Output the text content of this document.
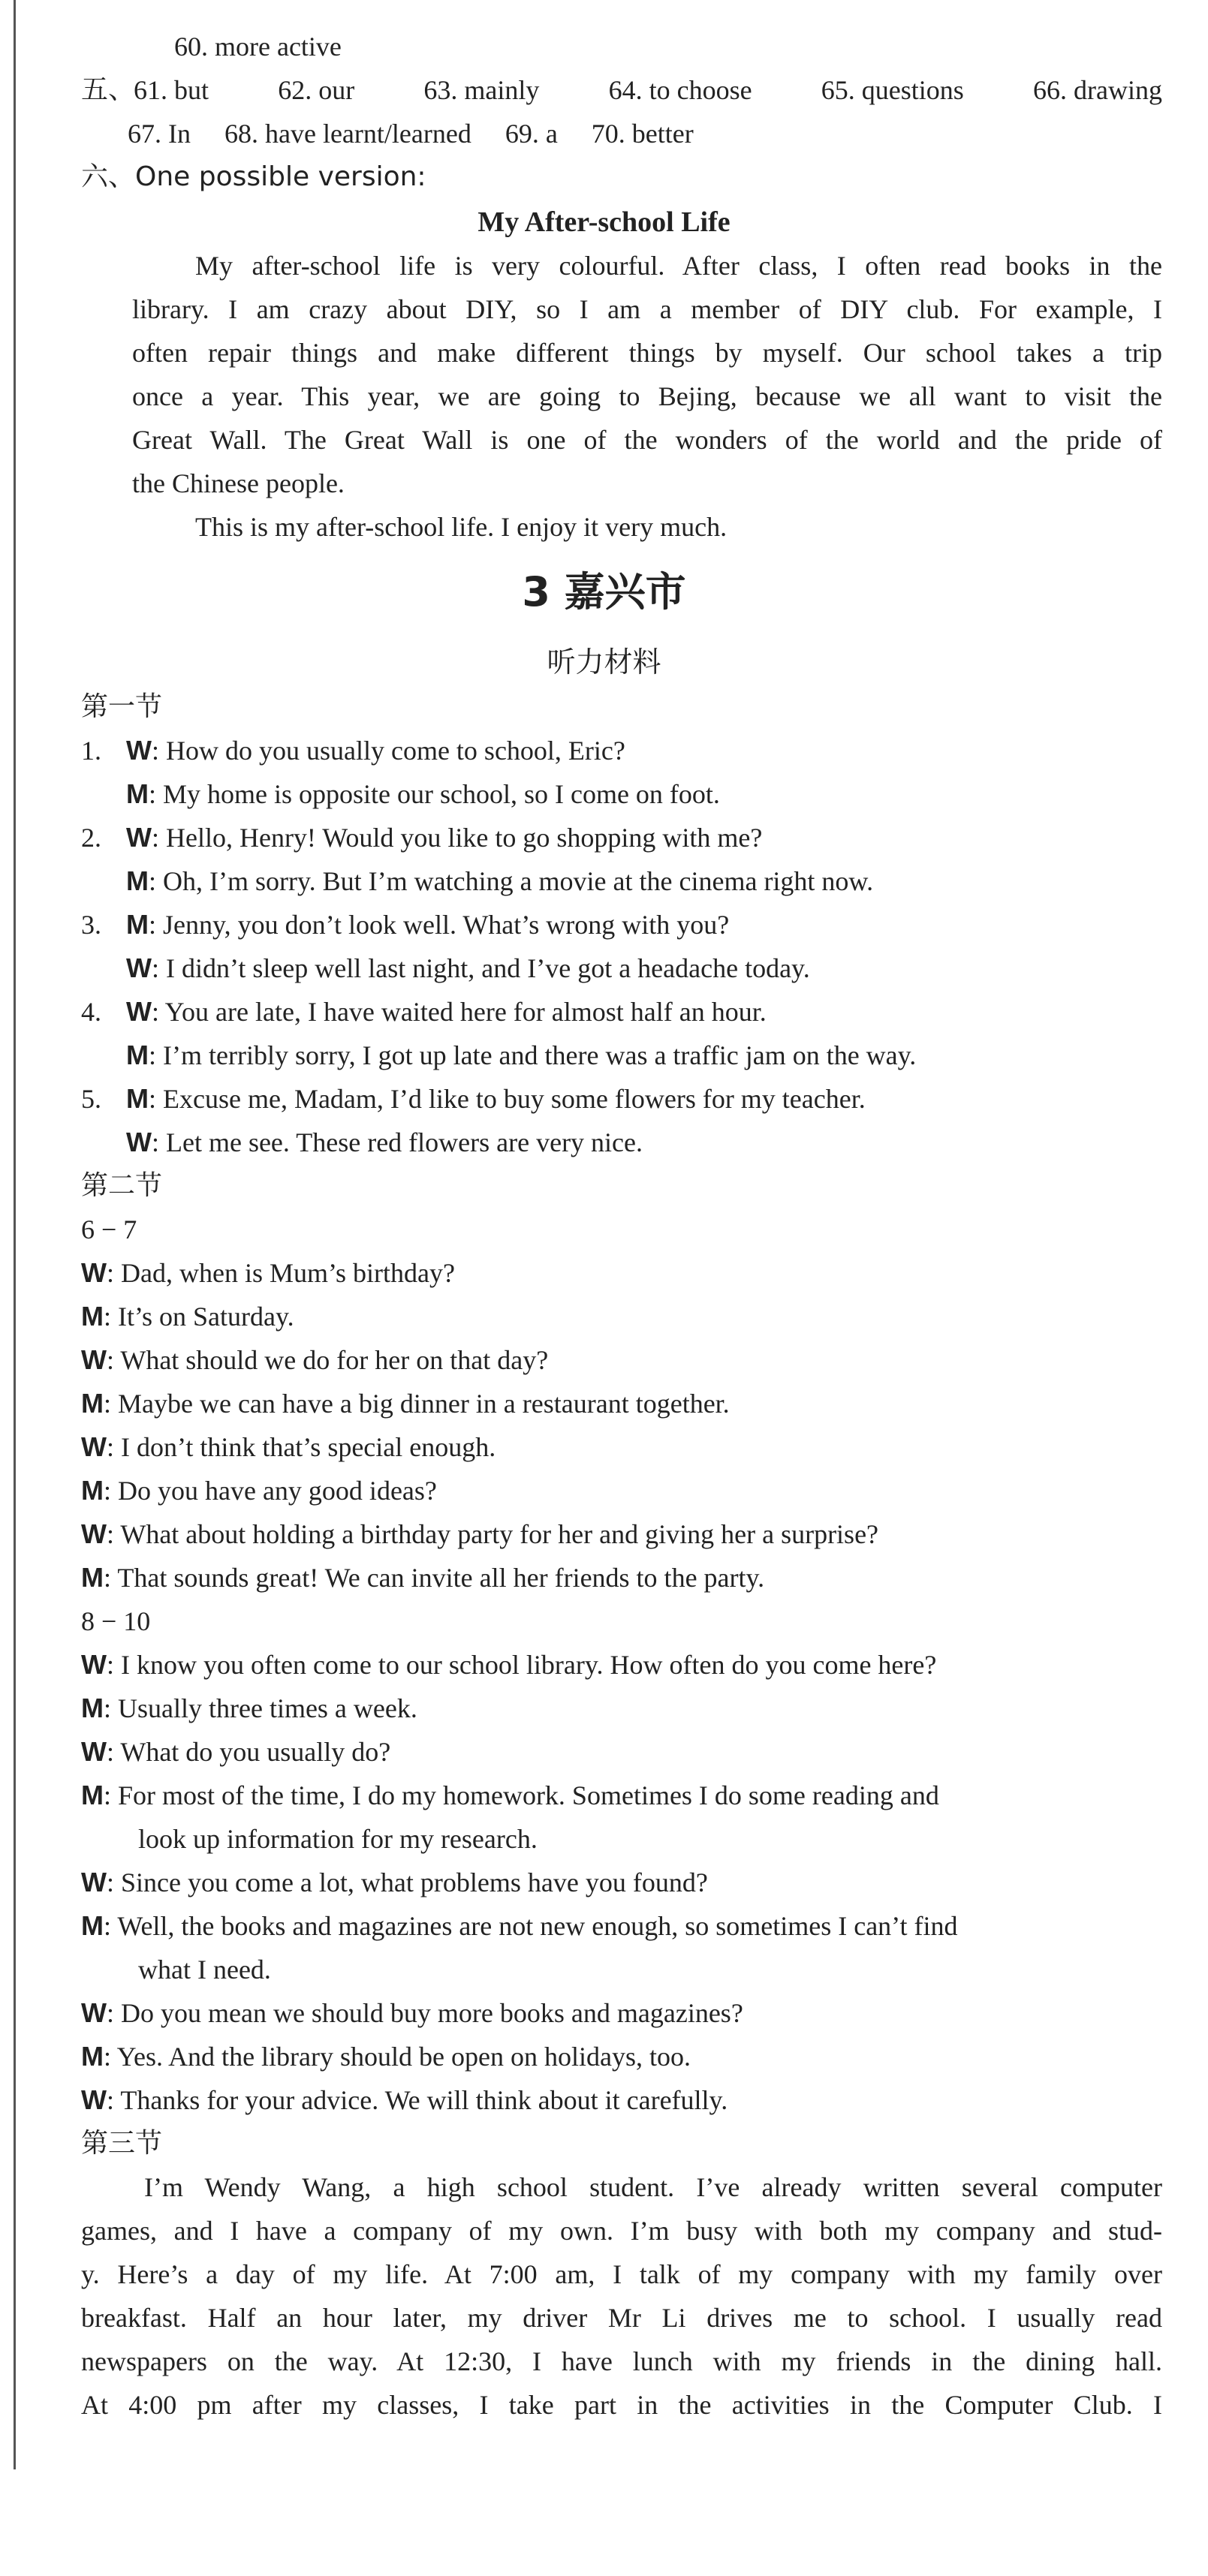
60. more active
五、
61. but	62. our	63. mainly	64. to choose	65. questions	66. drawing
67. In     68. have learnt/learned     69. a     70. better
六、One possible version:
My After-school Life
My after-school life is very colourful. After class, I often read books in the
library. I am crazy about DIY, so I am a member of DIY club. For example, I
often repair things and make different things by myself. Our school takes a trip
once a year. This year, we are going to Bejing, because we all want to visit the
Great Wall. The Great Wall is one of the wonders of the world and the pride of
the Chinese people.
This is my after-school life. I enjoy it very much.
3 嘉兴市
听力材料
第一节
1. W: How do you usually come to school, Eric?
M: My home is opposite our school, so I come on foot.
2. W: Hello, Henry! Would you like to go shopping with me?
M: Oh, I’m sorry. But I’m watching a movie at the cinema right now.
3. M: Jenny, you don’t look well. What’s wrong with you?
W: I didn’t sleep well last night, and I’ve got a headache today.
4. W: You are late, I have waited here for almost half an hour.
M: I’m terribly sorry, I got up late and there was a traffic jam on the way.
5. M: Excuse me, Madam, I’d like to buy some flowers for my teacher.
W: Let me see. These red flowers are very nice.
第二节
6 − 7
W: Dad, when is Mum’s birthday?
M: It’s on Saturday.
W: What should we do for her on that day?
M: Maybe we can have a big dinner in a restaurant together.
W: I don’t think that’s special enough.
M: Do you have any good ideas?
W: What about holding a birthday party for her and giving her a surprise?
M: That sounds great! We can invite all her friends to the party.
8 − 10
W: I know you often come to our school library. How often do you come here?
M: Usually three times a week.
W: What do you usually do?
M: For most of the time, I do my homework. Sometimes I do some reading and
look up information for my research.
W: Since you come a lot, what problems have you found?
M: Well, the books and magazines are not new enough, so sometimes I can’t find
what I need.
W: Do you mean we should buy more books and magazines?
M: Yes. And the library should be open on holidays, too.
W: Thanks for your advice. We will think about it carefully.
第三节
I’m Wendy Wang, a high school student. I’ve already written several computer
games, and I have a company of my own. I’m busy with both my company and stud-
y. Here’s a day of my life. At 7:00 am, I talk of my company with my family over
breakfast. Half an hour later, my driver Mr Li drives me to school. I usually read
newspapers on the way. At 12:30, I have lunch with my friends in the dining hall.
At 4:00 pm after my classes, I take part in the activities in the Computer Club. I
